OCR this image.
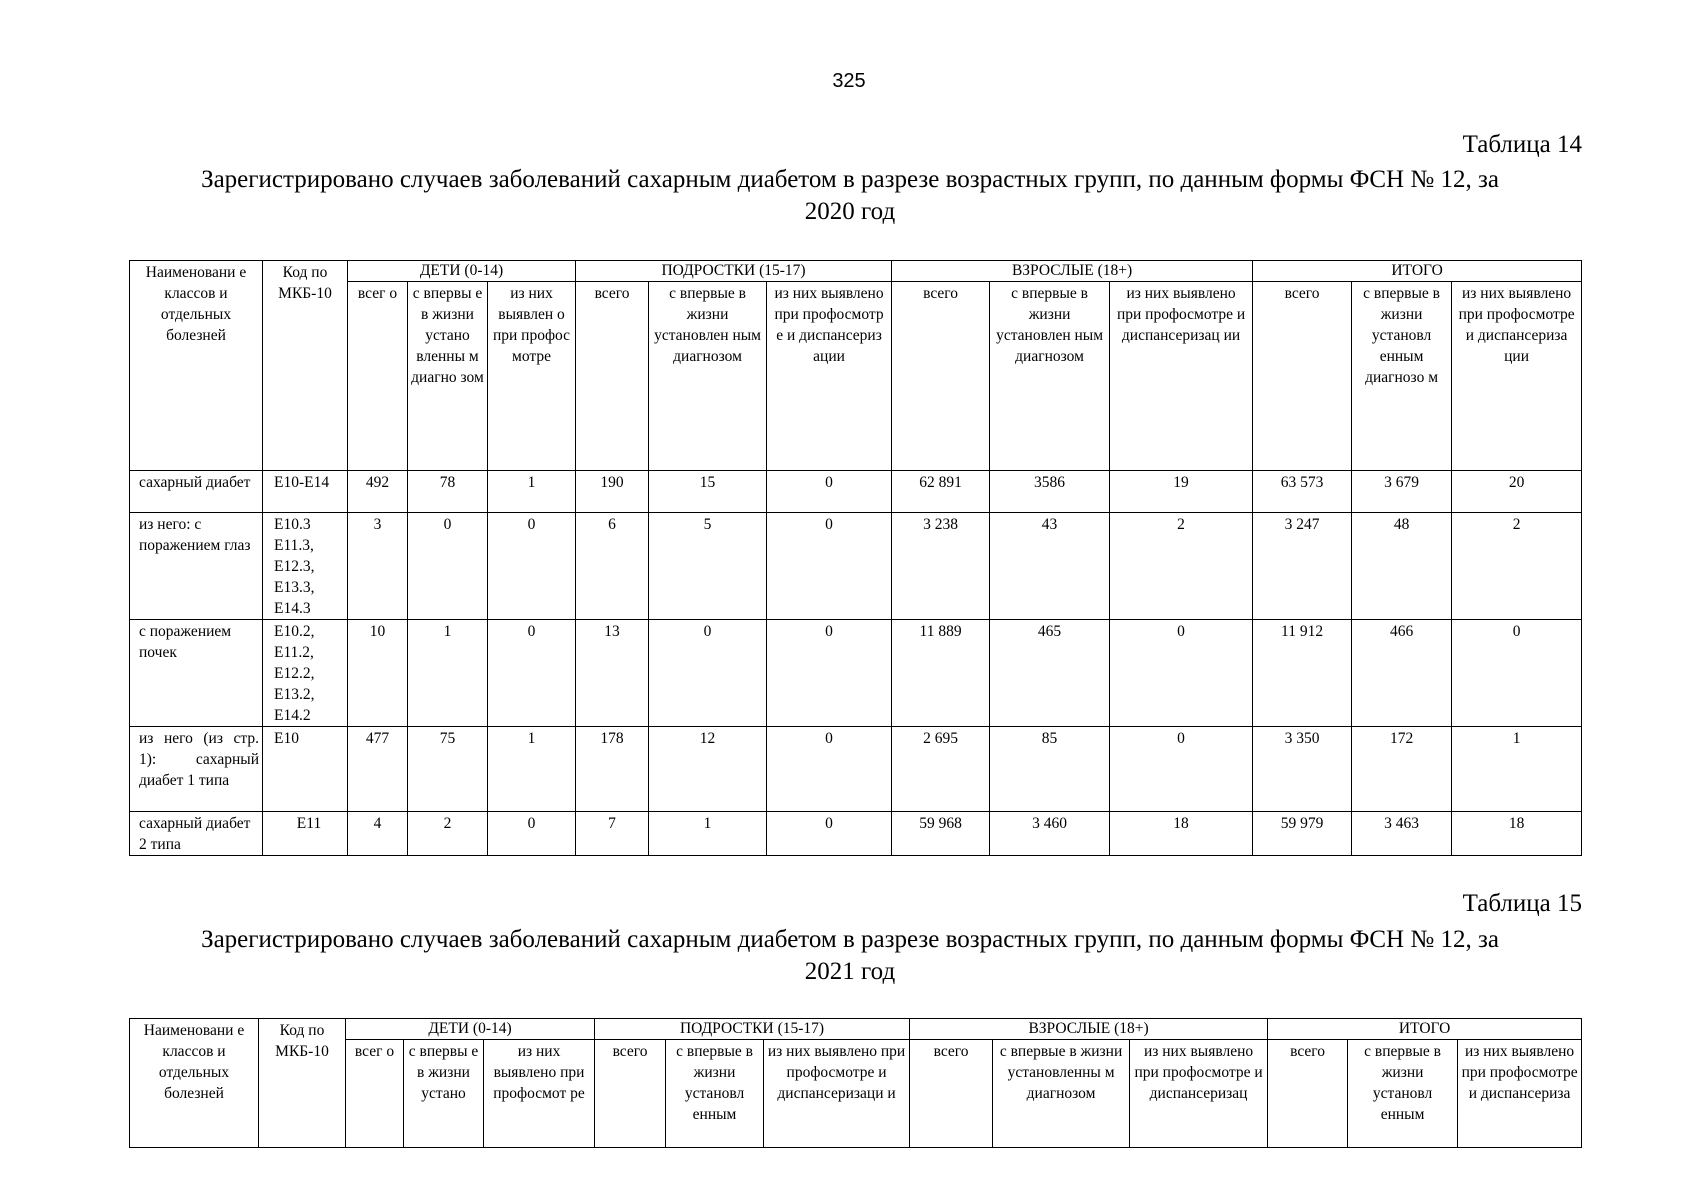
325
Таблица 14
Зарегистрировано случаев заболеваний сахарным диабетом в разрезе возрастных групп, по данным формы ФСН № 12, за 2020 год
Наименовани е классов и отдельных болезней	Код по МКБ-10	ДЕТИ (0-14)			ПОДРОСТКИ (15-17)			ВЗРОСЛЫЕ (18+)			ИТОГО		
		всег о	с впервы е в жизни устано вленны м диагно зом	из них выявлен о при профос мотре	всего	с впервые в жизни установлен ным диагнозом	из них выявлено при профосмотр е и диспансериз ации	всего	с впервые в жизни установлен ным диагнозом	из них выявлено при профосмотре и диспансеризац ии	всего	с впервые в жизни установл енным диагнозо м	из них выявлено при профосмотре и диспансериза ции
сахарный диабет	E10-E14	492	78	1	190	15	0	62 891	3586	19	63 573	3 679	20
из него: с поражением глаз	E10.3 E11.3, E12.3, E13.3, E14.3	3	0	0	6	5	0	3 238	43	2	3 247	48	2
с поражением почек	E10.2, E11.2, E12.2, E13.2, E14.2	10	1	0	13	0	0	11 889	465	0	11 912	466	0
из него (из стр. 1): сахарный диабет 1 типа	E10	477	75	1	178	12	0	2 695	85	0	3 350	172	1
сахарный диабет 2 типа	E11	4	2	0	7	1	0	59 968	3 460	18	59 979	3 463	18
Таблица 15
Зарегистрировано случаев заболеваний сахарным диабетом в разрезе возрастных групп, по данным формы ФСН № 12, за 2021 год
Наименовани е классов и отдельных болезней	Код по МКБ-10	ДЕТИ (0-14)			ПОДРОСТКИ (15-17)			ВЗРОСЛЫЕ (18+)			ИТОГО		
		всег о	с впервы е в жизни устано	из них выявлено при профосмот ре	всего	с впервые в жизни установл енным	из них выявлено при профосмотре и диспансеризаци и	всего	с впервые в жизни установленны м диагнозом	из них выявлено при профосмотре и диспансеризац	всего	с впервые в жизни установл енным	из них выявлено при профосмотре и диспансериза
